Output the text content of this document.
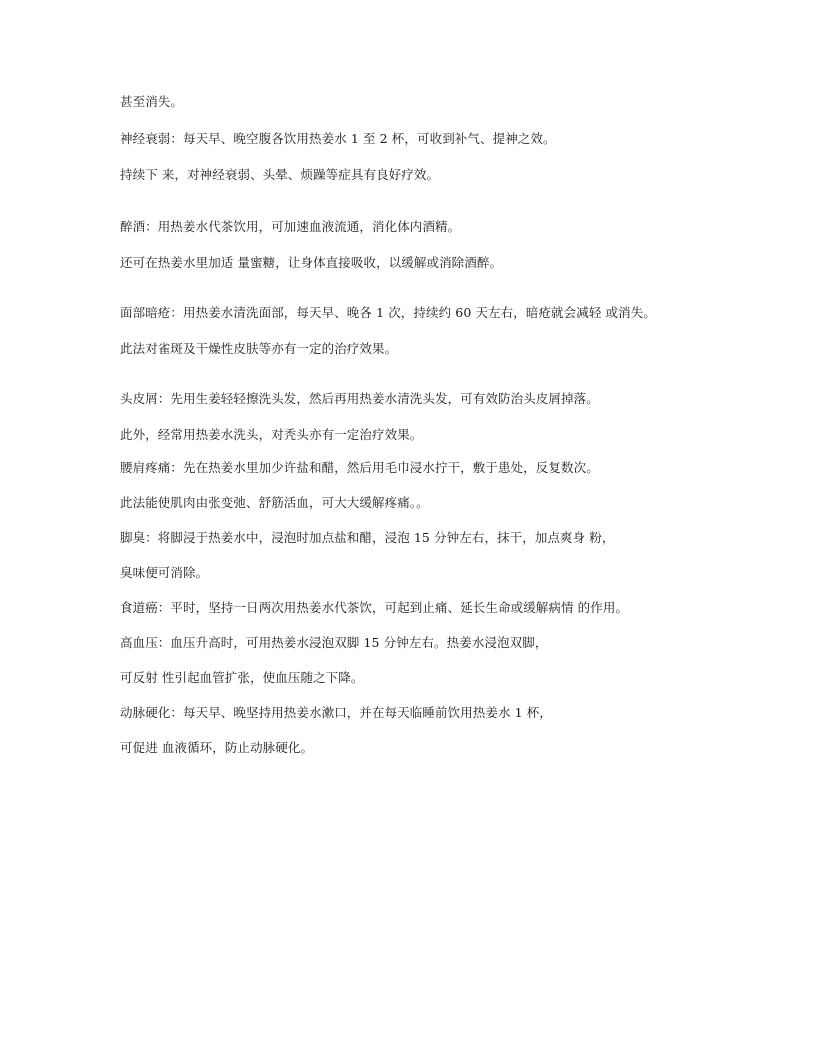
甚至消失。

神经衰弱：每天早、晚空腹各饮用热姜水 1 至 2 杯，可收到补气、提神之效。

持续下 来，对神经衰弱、头晕、烦躁等症具有良好疗效。

醉酒：用热姜水代茶饮用，可加速血液流通，消化体内酒精。

还可在热姜水里加适 量蜜糖，让身体直接吸收，以缓解或消除酒醉。

面部暗疮：用热姜水清洗面部，每天早、晚各 1 次，持续约 60 天左右，暗疮就会减轻 或消失。

此法对雀斑及干燥性皮肤等亦有一定的治疗效果。

头皮屑：先用生姜轻轻擦洗头发，然后再用热姜水清洗头发，可有效防治头皮屑掉落。

此外，经常用热姜水洗头，对秃头亦有一定治疗效果。

腰肩疼痛：先在热姜水里加少许盐和醋，然后用毛巾浸水拧干，敷于患处，反复数次。

此法能使肌肉由张变弛、舒筋活血，可大大缓解疼痛。。

脚臭：将脚浸于热姜水中，浸泡时加点盐和醋，浸泡 15 分钟左右，抹干，加点爽身 粉，

臭味便可消除。

食道癌：平时，坚持一日两次用热姜水代茶饮，可起到止痛、延长生命或缓解病情 的作用。

高血压：血压升高时，可用热姜水浸泡双脚 15 分钟左右。热姜水浸泡双脚，

可反射 性引起血管扩张，使血压随之下降。

动脉硬化：每天早、晚坚持用热姜水漱口，并在每天临睡前饮用热姜水 1 杯，

可促进 血液循环，防止动脉硬化。
